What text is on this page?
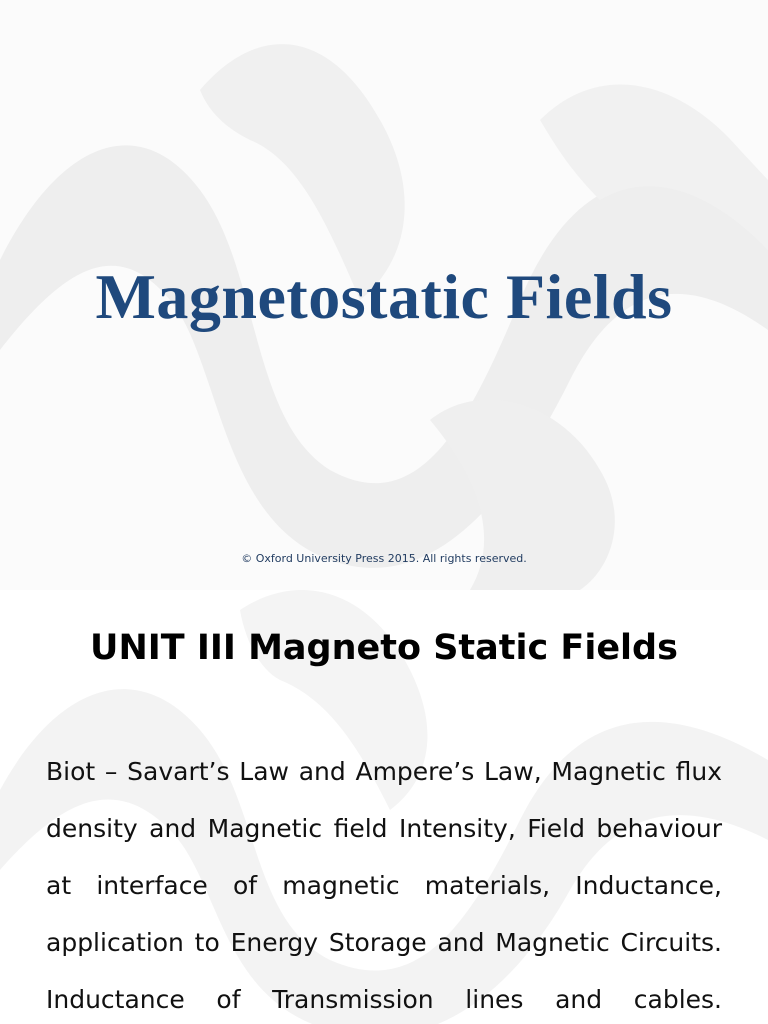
Magnetostatic Fields
© Oxford University Press 2015. All rights reserved.
UNIT III Magneto Static Fields
Biot – Savart’s Law and Ampere’s Law, Magnetic flux
density and Magnetic field Intensity, Field behaviour
at interface of magnetic materials, Inductance,
application to Energy Storage and Magnetic Circuits.
Inductance of Transmission lines and cables.
